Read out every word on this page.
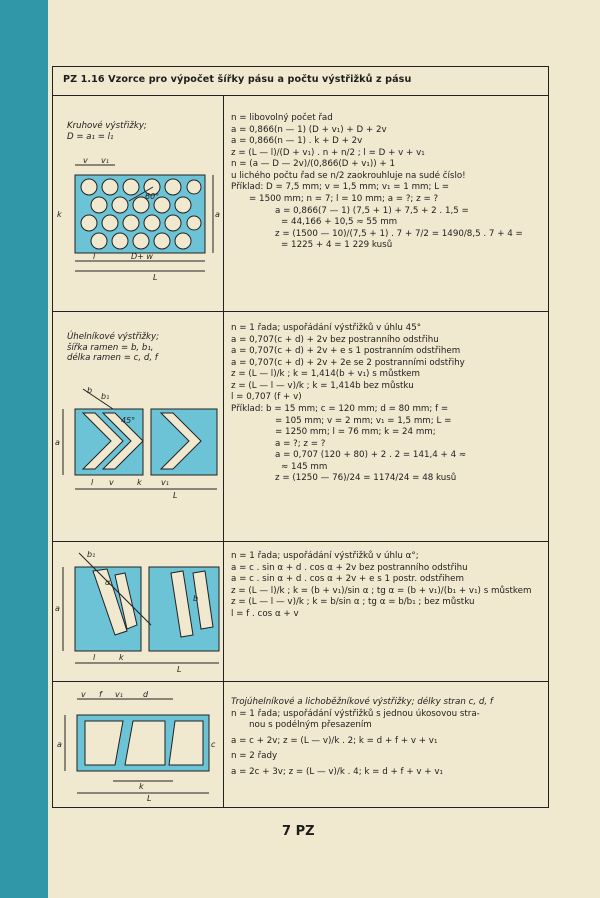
PZ 1.16 Vzorce pro výpočet šířky pásu a počtu výstřižků z pásu
Kruhové výstřižky;
D = a₁ = l₁
v v₁
l	D+ w
L
a
k
60°
n = libovolný počet řad
a = 0,866(n — 1) (D + v₁) + D + 2v
a = 0,866(n — 1) . k + D + 2v
z = (L — l)/(D + v₁) . n + n/2 ; l = D + v + v₁
n = (a — D — 2v)/(0,866(D + v₁)) + 1
u lichého počtu řad se n/2 zaokrouhluje na sudé číslo!
Příklad: D = 7,5 mm; v = 1,5 mm; v₁ = 1 mm; L =
= 1500 mm; n = 7; l = 10 mm; a = ?; z = ?
a = 0,866(7 — 1) (7,5 + 1) + 7,5 + 2 . 1,5 =
= 44,166 + 10,5 ≈ 55 mm
z = (1500 — 10)/(7,5 + 1) . 7 + 7/2 = 1490/8,5 . 7 + 4 =
= 1225 + 4 = 1 229 kusů
Úhelníkové výstřižky;
šířka ramen = b, b₁,
délka ramen = c, d, f
b
b₁
a
k
l
L
45°
v₁
v
n = 1 řada; uspořádání výstřižků v úhlu 45°
a = 0,707(c + d) + 2v bez postranního odstřihu
a = 0,707(c + d) + 2v + e s 1 postranním odstřihem
a = 0,707(c + d) + 2v + 2e se 2 postranními odstřihy
z = (L — l)/k ; k = 1,414(b + v₁) s můstkem
z = (L — l — v)/k ; k = 1,414b bez můstku
l = 0,707 (f + v)
Příklad: b = 15 mm; c = 120 mm; d = 80 mm; f =
= 105 mm; v = 2 mm; v₁ = 1,5 mm; L =
= 1250 mm; l = 76 mm; k = 24 mm;
a = ?; z = ?
a = 0,707 (120 + 80) + 2 . 2 = 141,4 + 4 ≈
≈ 145 mm
z = (1250 — 76)/24 = 1174/24 = 48 kusů
a
α
b
k
l
L
b₁	n = 1 řada; uspořádání výstřižků v úhlu α°;
a = c . sin α + d . cos α + 2v bez postranního odstřihu
a = c . sin α + d . cos α + 2v + e s 1 postr. odstřihem
z = (L — l)/k ; k = (b + v₁)/sin α ; tg α = (b + v₁)/(b₁ + v₁) s můstkem
z = (L — l — v)/k ; k = b/sin α ; tg α = b/b₁ ; bez můstku
l = f . cos α + v
v f v₁	d
a	c
k
L
Trojúhelníkové a lichoběžníkové výstřižky; délky stran c, d, f
n = 1 řada; uspořádání výstřižků s jednou úkosovou stra-
nou s podélným přesazením
a = c + 2v; z = (L — v)/k . 2; k = d + f + v + v₁
n = 2 řady
a = 2c + 3v; z = (L — v)/k . 4; k = d + f + v + v₁
7 PZ
